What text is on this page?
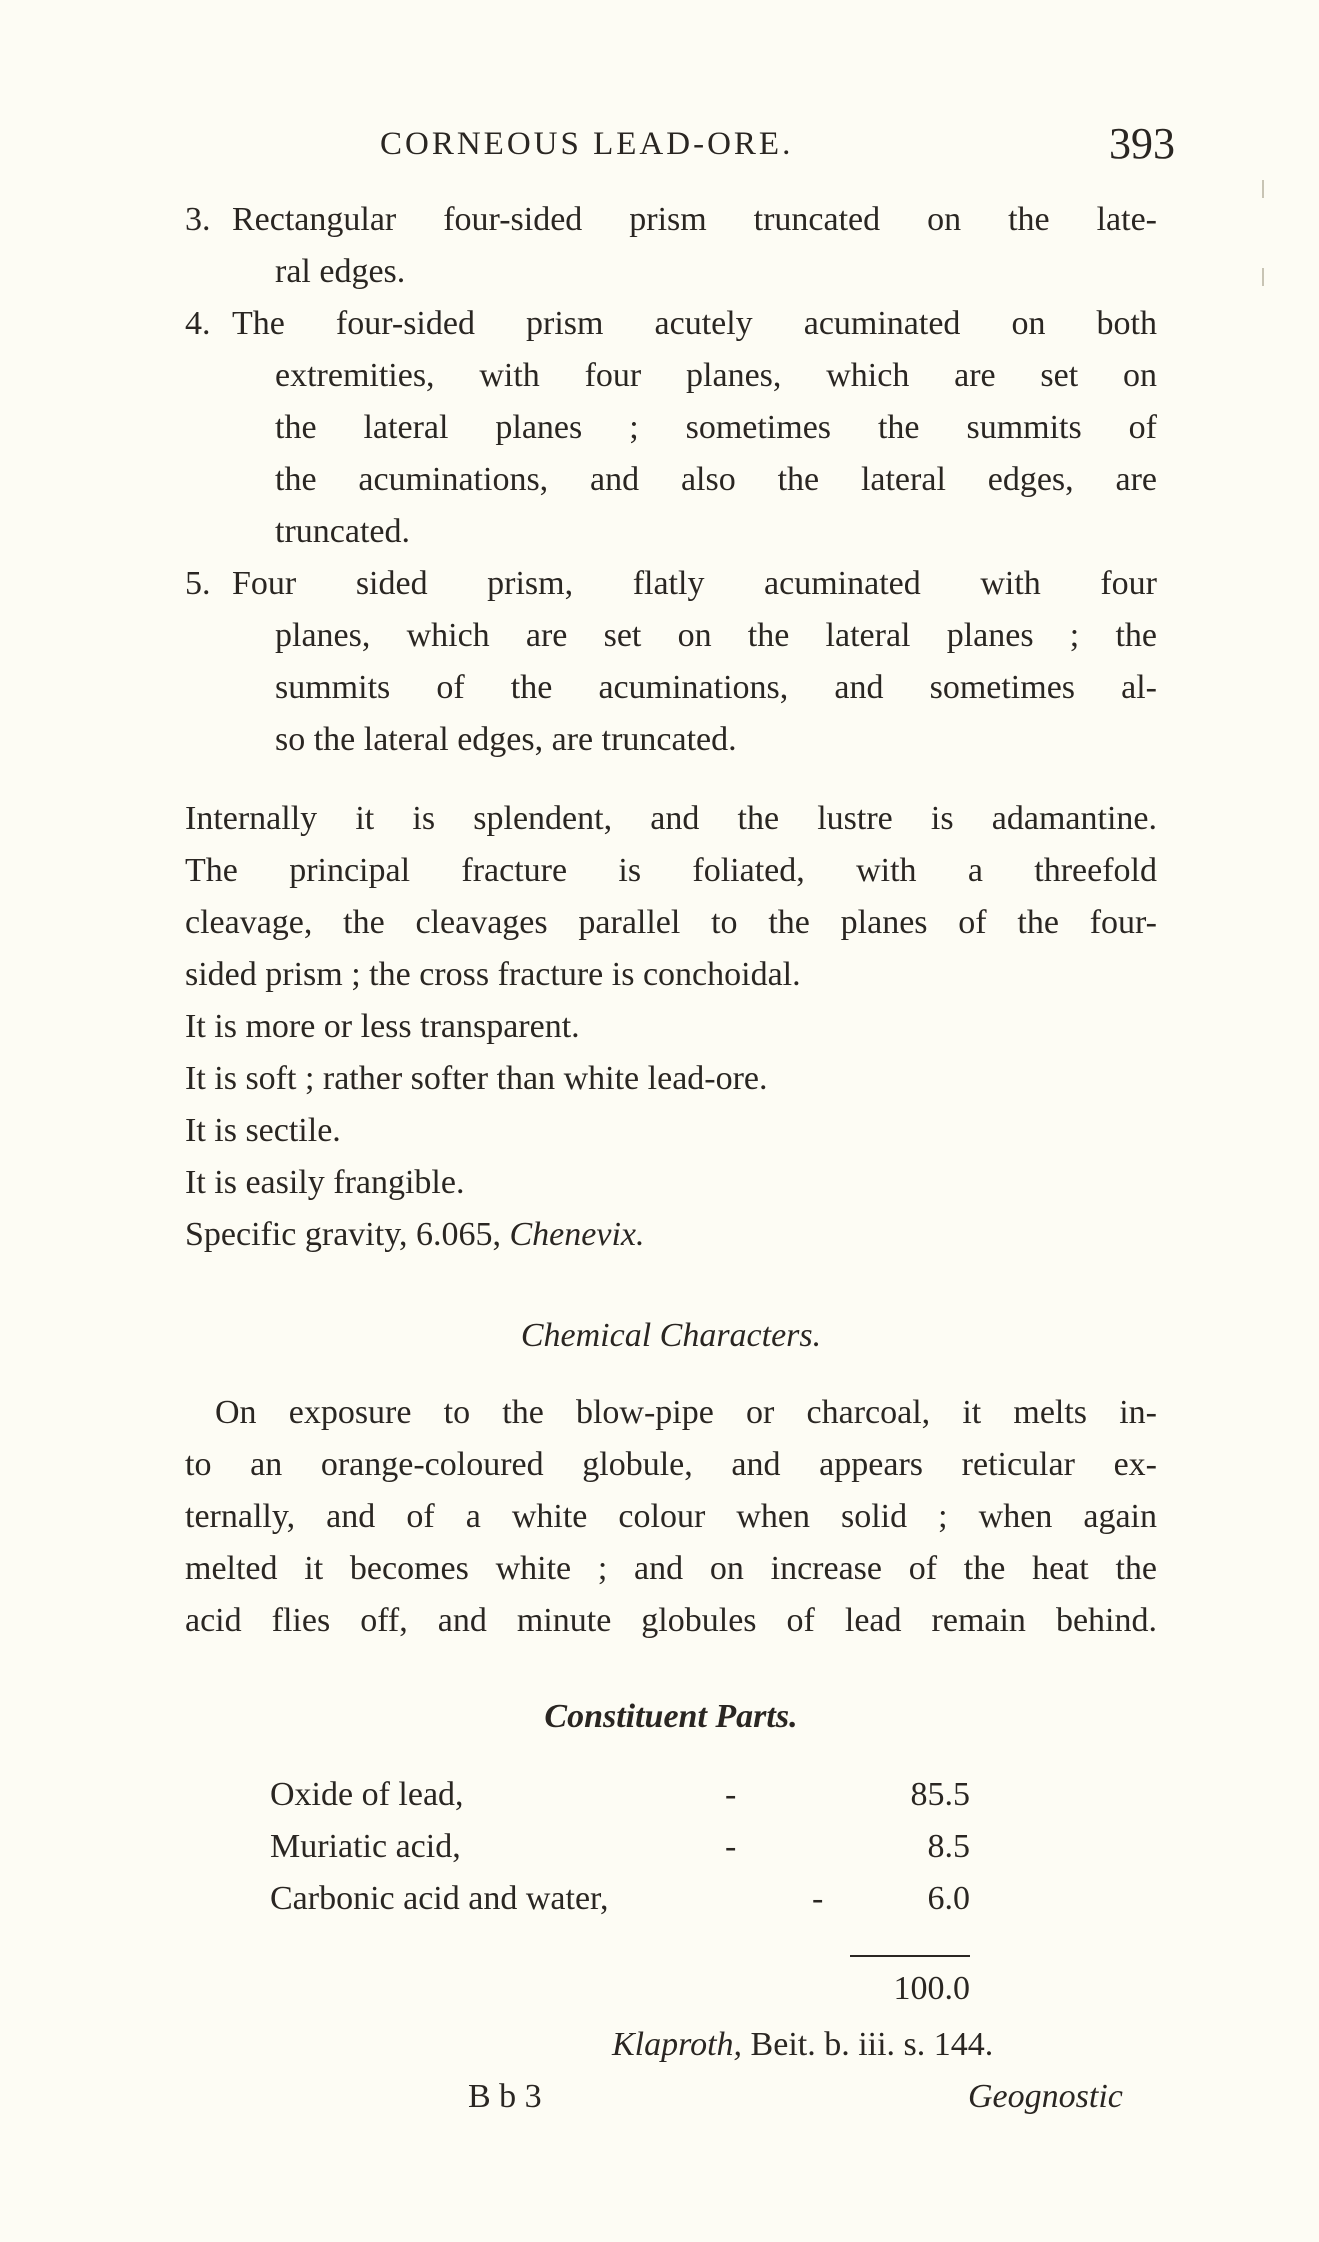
CORNEOUS LEAD-ORE.	393
3. Rectangular four-sided prism truncated on the late-
ral edges.
4. The four-sided prism acutely acuminated on both
extremities, with four planes, which are set on
the lateral planes ; sometimes the summits of
the acuminations, and also the lateral edges, are
truncated.
5. Four sided prism, flatly acuminated with four
planes, which are set on the lateral planes ; the
summits of the acuminations, and sometimes al-
so the lateral edges, are truncated.
Internally it is splendent, and the lustre is adamantine.
The principal fracture is foliated, with a threefold
cleavage, the cleavages parallel to the planes of the four-
sided prism ; the cross fracture is conchoidal.
It is more or less transparent.
It is soft ; rather softer than white lead-ore.
It is sectile.
It is easily frangible.
Specific gravity, 6.065, Chenevix.
Chemical Characters.
On exposure to the blow-pipe or charcoal, it melts in-
to an orange-coloured globule, and appears reticular ex-
ternally, and of a white colour when solid ; when again
melted it becomes white ; and on increase of the heat the
acid flies off, and minute globules of lead remain behind.
Constituent Parts.
Oxide of lead,	-	85.5
Muriatic acid,	-	8.5
Carbonic acid and water,	-	6.0
100.0
Klaproth, Beit. b. iii. s. 144.
B b 3	Geognostic
